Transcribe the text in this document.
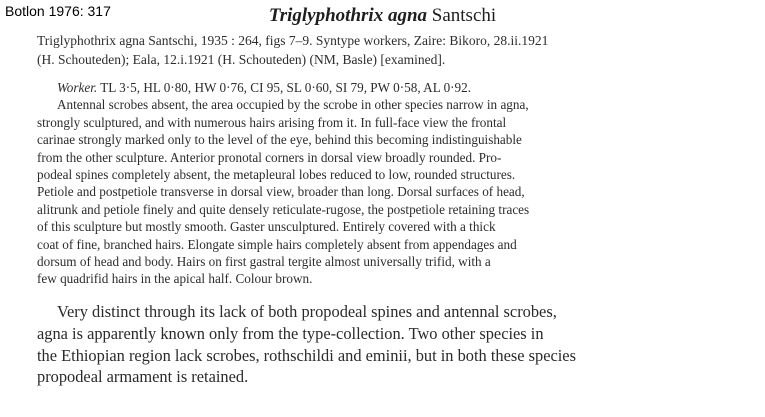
Botlon 1976: 317	Triglyphothrix agna Santschi
Triglyphothrix agna Santschi, 1935 : 264, figs 7–9. Syntype workers, Zaire: Bikoro, 28.ii.1921
(H. Schouteden); Eala, 12.i.1921 (H. Schouteden) (NM, Basle) [examined].
Worker. TL 3·5, HL 0·80, HW 0·76, CI 95, SL 0·60, SI 79, PW 0·58, AL 0·92.
Antennal scrobes absent, the area occupied by the scrobe in other species narrow in agna,
strongly sculptured, and with numerous hairs arising from it. In full-face view the frontal
carinae strongly marked only to the level of the eye, behind this becoming indistinguishable
from the other sculpture. Anterior pronotal corners in dorsal view broadly rounded. Pro-
podeal spines completely absent, the metapleural lobes reduced to low, rounded structures.
Petiole and postpetiole transverse in dorsal view, broader than long. Dorsal surfaces of head,
alitrunk and petiole finely and quite densely reticulate-rugose, the postpetiole retaining traces
of this sculpture but mostly smooth. Gaster unsculptured. Entirely covered with a thick
coat of fine, branched hairs. Elongate simple hairs completely absent from appendages and
dorsum of head and body. Hairs on first gastral tergite almost universally trifid, with a
few quadrifid hairs in the apical half. Colour brown.
Very distinct through its lack of both propodeal spines and antennal scrobes,
agna is apparently known only from the type-collection. Two other species in
the Ethiopian region lack scrobes, rothschildi and eminii, but in both these species
propodeal armament is retained.
